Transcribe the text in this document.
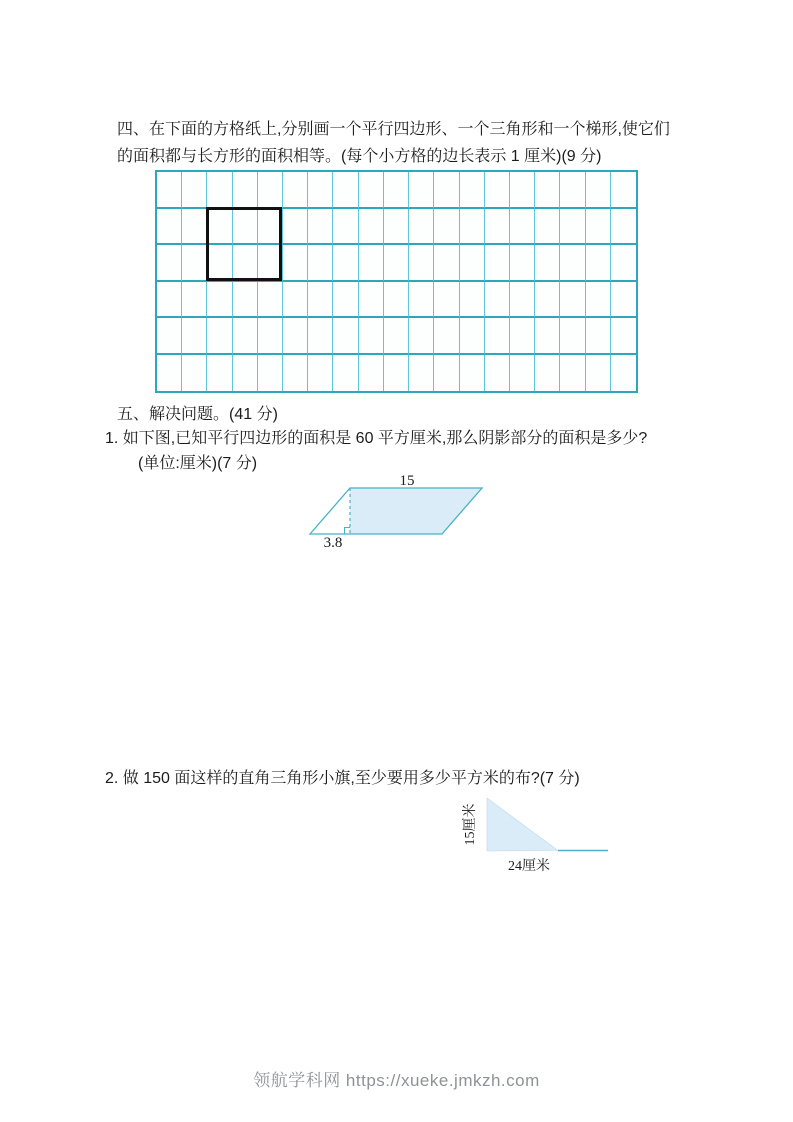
四、在下面的方格纸上,分别画一个平行四边形、一个三角形和一个梯形,使它们
的面积都与长方形的面积相等。(每个小方格的边长表示 1 厘米)(9 分)
五、解决问题。(41 分)
1. 如下图,已知平行四边形的面积是 60 平方厘米,那么阴影部分的面积是多少?
(单位:厘米)(7 分)
15
3.8
2. 做 150 面这样的直角三角形小旗,至少要用多少平方米的布?(7 分)
15厘米
24厘米
领航学科网 https://xueke.jmkzh.com
